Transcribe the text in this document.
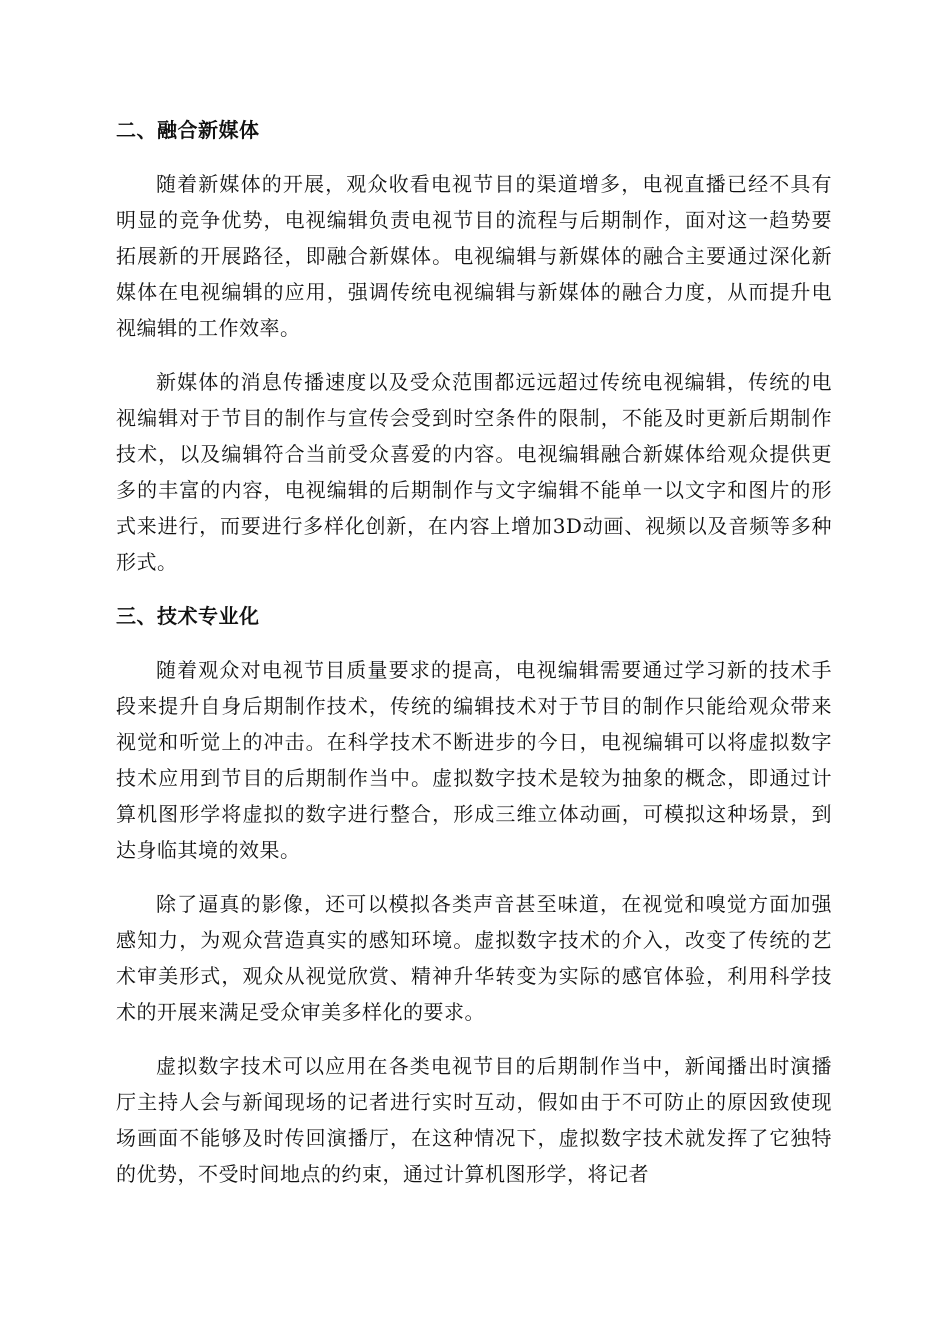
二、融合新媒体

随着新媒体的开展，观众收看电视节目的渠道增多，电视直播已经不具有明显的竞争优势，电视编辑负责电视节目的流程与后期制作，面对这一趋势要拓展新的开展路径，即融合新媒体。电视编辑与新媒体的融合主要通过深化新媒体在电视编辑的应用，强调传统电视编辑与新媒体的融合力度，从而提升电视编辑的工作效率。

新媒体的消息传播速度以及受众范围都远远超过传统电视编辑，传统的电视编辑对于节目的制作与宣传会受到时空条件的限制，不能及时更新后期制作技术，以及编辑符合当前受众喜爱的内容。电视编辑融合新媒体给观众提供更多的丰富的内容，电视编辑的后期制作与文字编辑不能单一以文字和图片的形式来进行，而要进行多样化创新，在内容上增加3D动画、视频以及音频等多种形式。

三、技术专业化

随着观众对电视节目质量要求的提高，电视编辑需要通过学习新的技术手段来提升自身后期制作技术，传统的编辑技术对于节目的制作只能给观众带来视觉和听觉上的冲击。在科学技术不断进步的今日，电视编辑可以将虚拟数字技术应用到节目的后期制作当中。虚拟数字技术是较为抽象的概念，即通过计算机图形学将虚拟的数字进行整合，形成三维立体动画，可模拟这种场景，到达身临其境的效果。

除了逼真的影像，还可以模拟各类声音甚至味道，在视觉和嗅觉方面加强感知力，为观众营造真实的感知环境。虚拟数字技术的介入，改变了传统的艺术审美形式，观众从视觉欣赏、精神升华转变为实际的感官体验，利用科学技术的开展来满足受众审美多样化的要求。

虚拟数字技术可以应用在各类电视节目的后期制作当中，新闻播出时演播厅主持人会与新闻现场的记者进行实时互动，假如由于不可防止的原因致使现场画面不能够及时传回演播厅，在这种情况下，虚拟数字技术就发挥了它独特的优势，不受时间地点的约束，通过计算机图形学，将记者
